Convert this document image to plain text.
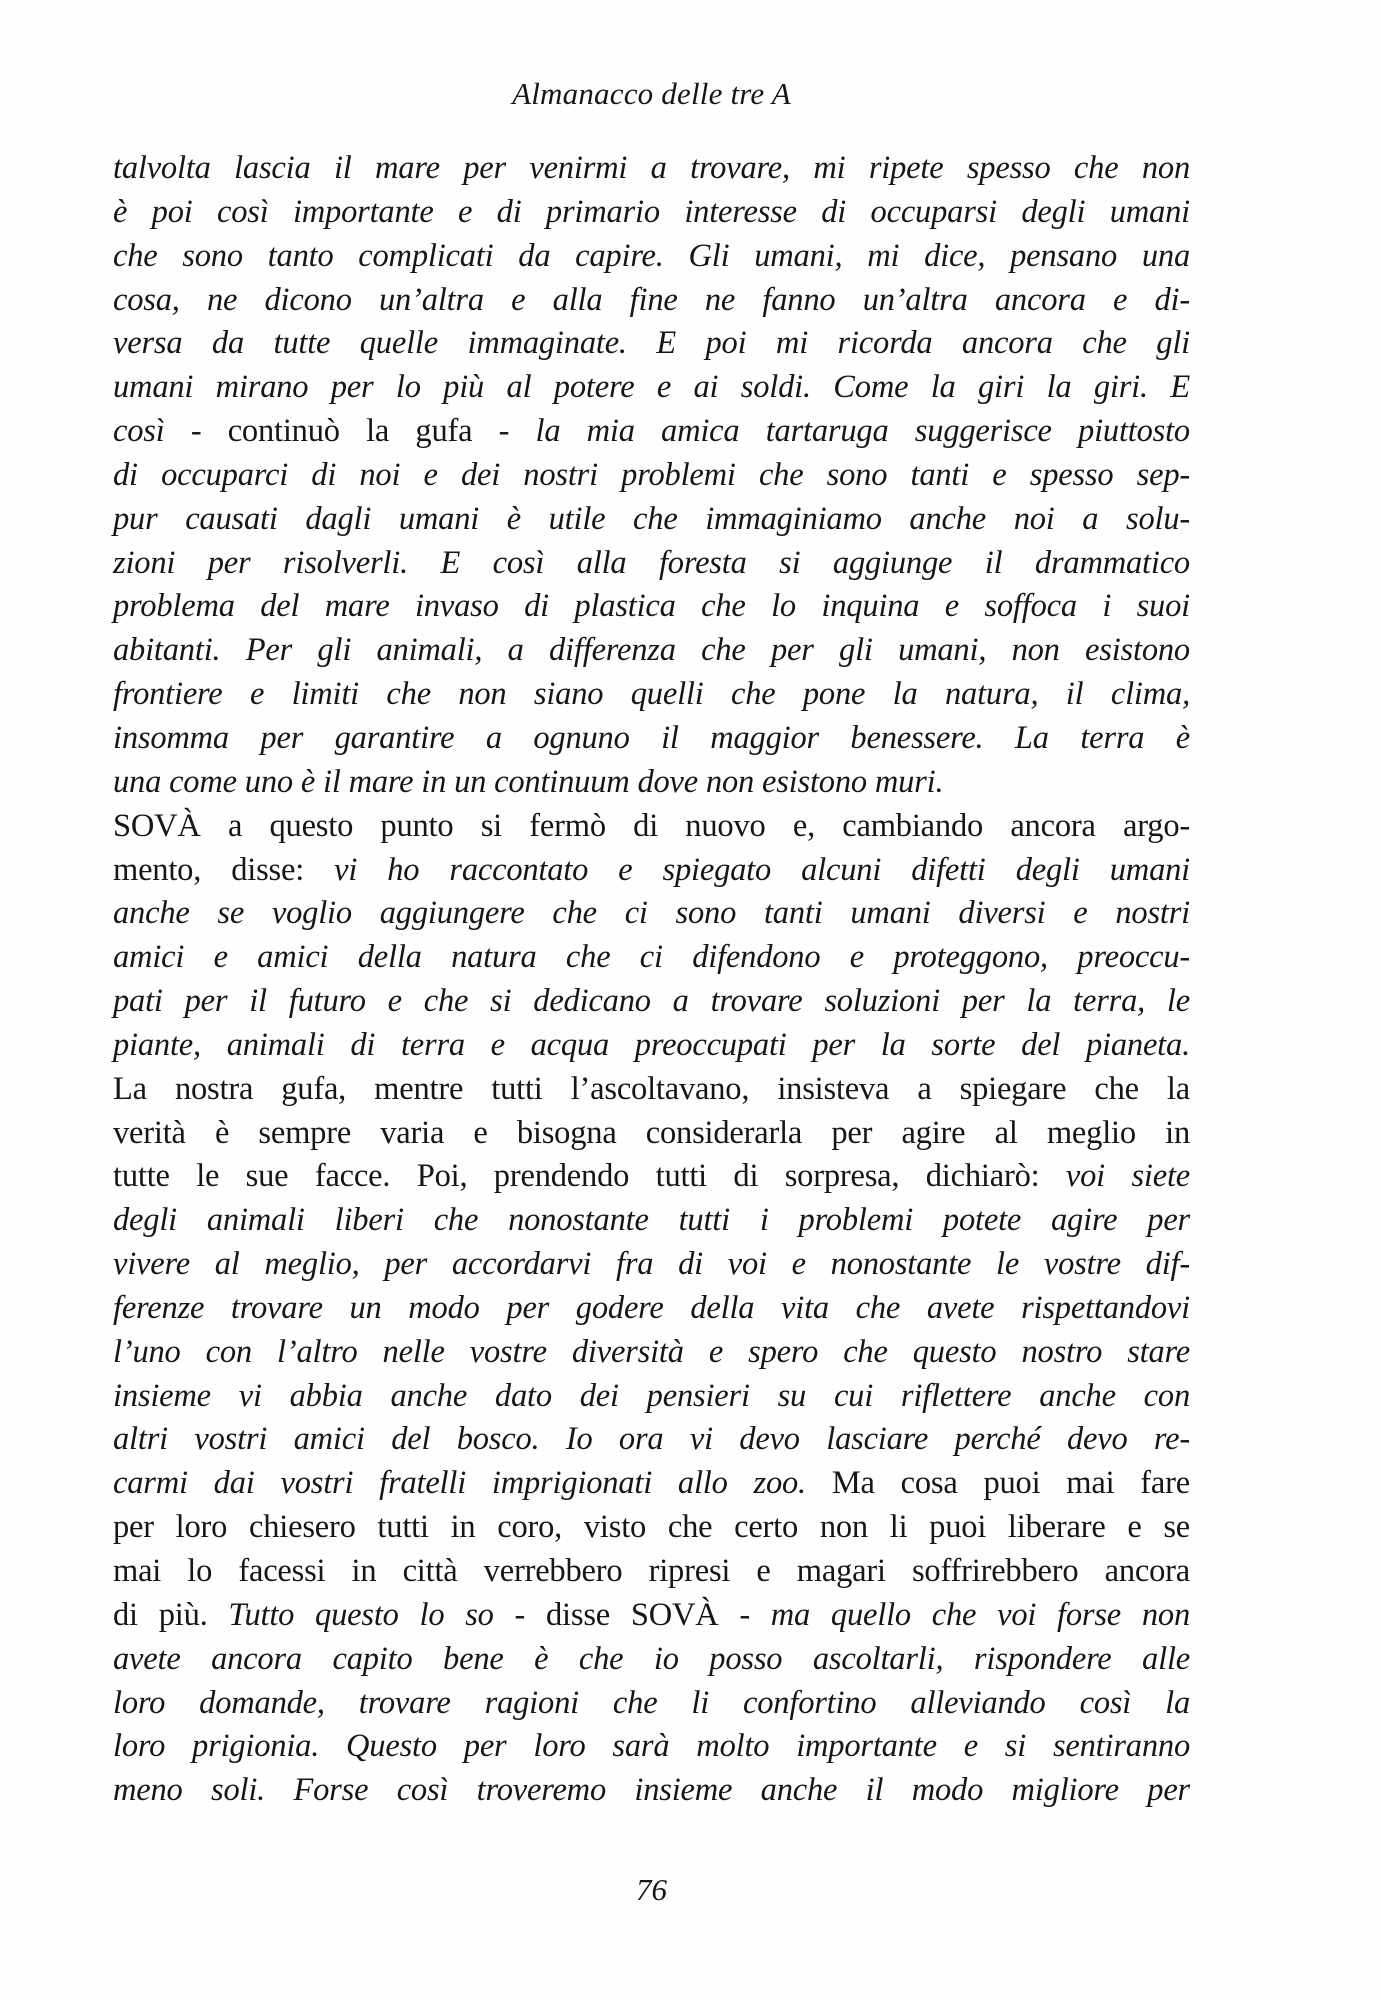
Almanacco delle tre A
talvolta lascia il mare per venirmi a trovare, mi ripete spesso che non
è poi così importante e di primario interesse di occuparsi degli umani
che sono tanto complicati da capire. Gli umani, mi dice, pensano una
cosa, ne dicono un’altra e alla fine ne fanno un’altra ancora e di-
versa da tutte quelle immaginate. E poi mi ricorda ancora che gli
umani mirano per lo più al potere e ai soldi. Come la giri la giri. E
così - continuò la gufa - la mia amica tartaruga suggerisce piuttosto
di occuparci di noi e dei nostri problemi che sono tanti e spesso sep-
pur causati dagli umani è utile che immaginiamo anche noi a solu-
zioni per risolverli. E così alla foresta si aggiunge il drammatico
problema del mare invaso di plastica che lo inquina e soffoca i suoi
abitanti. Per gli animali, a differenza che per gli umani, non esistono
frontiere e limiti che non siano quelli che pone la natura, il clima,
insomma per garantire a ognuno il maggior benessere. La terra è
una come uno è il mare in un continuum dove non esistono muri.
SOVÀ a questo punto si fermò di nuovo e, cambiando ancora argo-
mento, disse: vi ho raccontato e spiegato alcuni difetti degli umani
anche se voglio aggiungere che ci sono tanti umani diversi e nostri
amici e amici della natura che ci difendono e proteggono, preoccu-
pati per il futuro e che si dedicano a trovare soluzioni per la terra, le
piante, animali di terra e acqua preoccupati per la sorte del pianeta.
La nostra gufa, mentre tutti l’ascoltavano, insisteva a spiegare che la
verità è sempre varia e bisogna considerarla per agire al meglio in
tutte le sue facce. Poi, prendendo tutti di sorpresa, dichiarò: voi siete
degli animali liberi che nonostante tutti i problemi potete agire per
vivere al meglio, per accordarvi fra di voi e nonostante le vostre dif-
ferenze trovare un modo per godere della vita che avete rispettandovi
l’uno con l’altro nelle vostre diversità e spero che questo nostro stare
insieme vi abbia anche dato dei pensieri su cui riflettere anche con
altri vostri amici del bosco. Io ora vi devo lasciare perché devo re-
carmi dai vostri fratelli imprigionati allo zoo. Ma cosa puoi mai fare
per loro chiesero tutti in coro, visto che certo non li puoi liberare e se
mai lo facessi in città verrebbero ripresi e magari soffrirebbero ancora
di più. Tutto questo lo so - disse SOVÀ - ma quello che voi forse non
avete ancora capito bene è che io posso ascoltarli, rispondere alle
loro domande, trovare ragioni che li confortino alleviando così la
loro prigionia. Questo per loro sarà molto importante e si sentiranno
meno soli. Forse così troveremo insieme anche il modo migliore per
76
